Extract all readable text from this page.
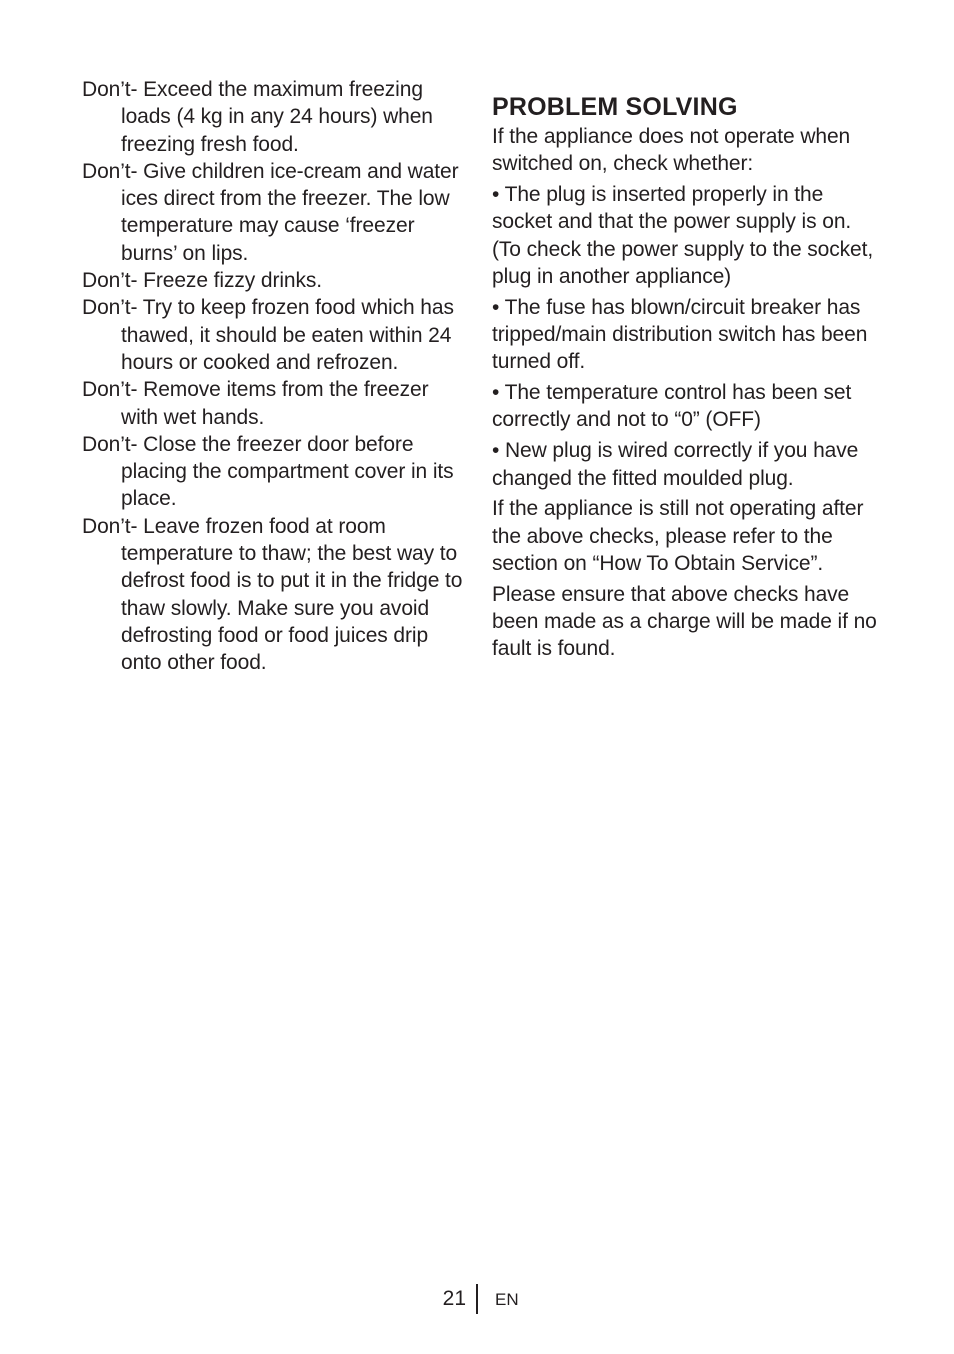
Don’t- Exceed the maximum freezing loads (4 kg in any 24 hours) when freezing fresh food.

Don’t- Give children ice-cream and water ices direct from the freezer. The low temperature may cause ‘freezer burns’ on lips.

Don’t- Freeze fizzy drinks.

Don’t- Try to keep frozen food which has thawed, it should be eaten within 24 hours or cooked and refrozen.

Don’t- Remove items from the freezer with wet hands.

Don’t- Close the freezer door before placing the compartment cover in its place.

Don’t- Leave frozen food at room temperature to thaw; the best way to defrost food is to put it in the fridge to thaw slowly. Make sure you avoid defrosting food or food juices drip onto other food.

PROBLEM SOLVING

If the appliance does not operate when switched on, check whether:

• The plug is inserted properly in the socket and that the power supply is on. (To check the power supply to the socket, plug in another appliance)

• The fuse has blown/circuit breaker has tripped/main distribution switch has been turned off.

• The temperature control has been set correctly and not to “0” (OFF)

• New plug is wired correctly if you have changed the fitted moulded plug.

If the appliance is still not operating after the above checks, please refer to the section on “How To Obtain Service”.

Please ensure that above checks have been made as a charge will be made if no fault is found.

21 EN
